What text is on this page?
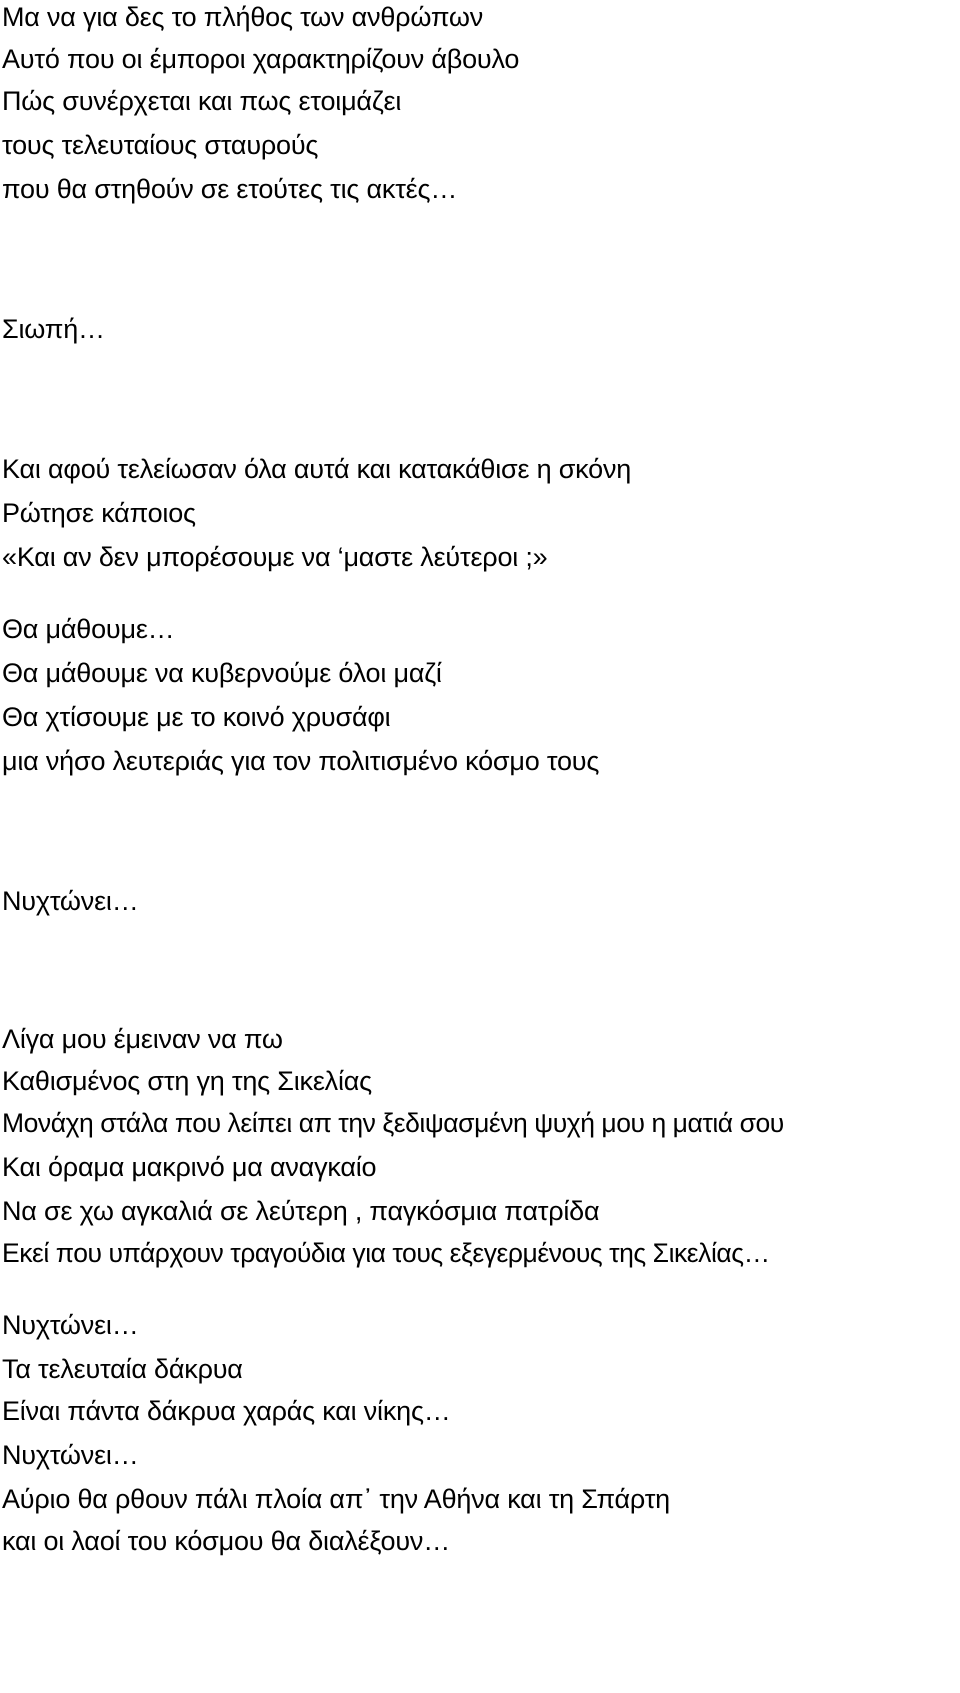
Μα να για δες το πλήθος των ανθρώπων
Αυτό που οι έμποροι χαρακτηρίζουν άβουλο
Πώς συνέρχεται και πως ετοιμάζει
τους τελευταίους σταυρούς
που θα στηθούν σε ετούτες τις ακτές…
Σιωπή…
Και αφού τελείωσαν όλα αυτά και κατακάθισε η σκόνη
Ρώτησε κάποιος
«Και αν δεν μπορέσουμε να ‘μαστε λεύτεροι ;»
Θα μάθουμε…
Θα μάθουμε να κυβερνούμε όλοι μαζί
Θα χτίσουμε με το κοινό χρυσάφι
μια νήσο λευτεριάς για τον πολιτισμένο κόσμο τους
Νυχτώνει…
Λίγα μου έμειναν να πω
Καθισμένος στη γη της Σικελίας
Μονάχη στάλα που λείπει απ την ξεδιψασμένη ψυχή μου η ματιά σου
Και όραμα μακρινό μα αναγκαίο
Να σε χω αγκαλιά σε λεύτερη , παγκόσμια πατρίδα
Εκεί που υπάρχουν τραγούδια για τους εξεγερμένους της Σικελίας…
Νυχτώνει…
Τα τελευταία δάκρυα
Είναι πάντα δάκρυα χαράς και νίκης…
Νυχτώνει…
Αύριο θα ρθουν πάλι πλοία απ᾽ την Αθήνα και τη Σπάρτη
και οι λαοί του κόσμου θα διαλέξουν…
